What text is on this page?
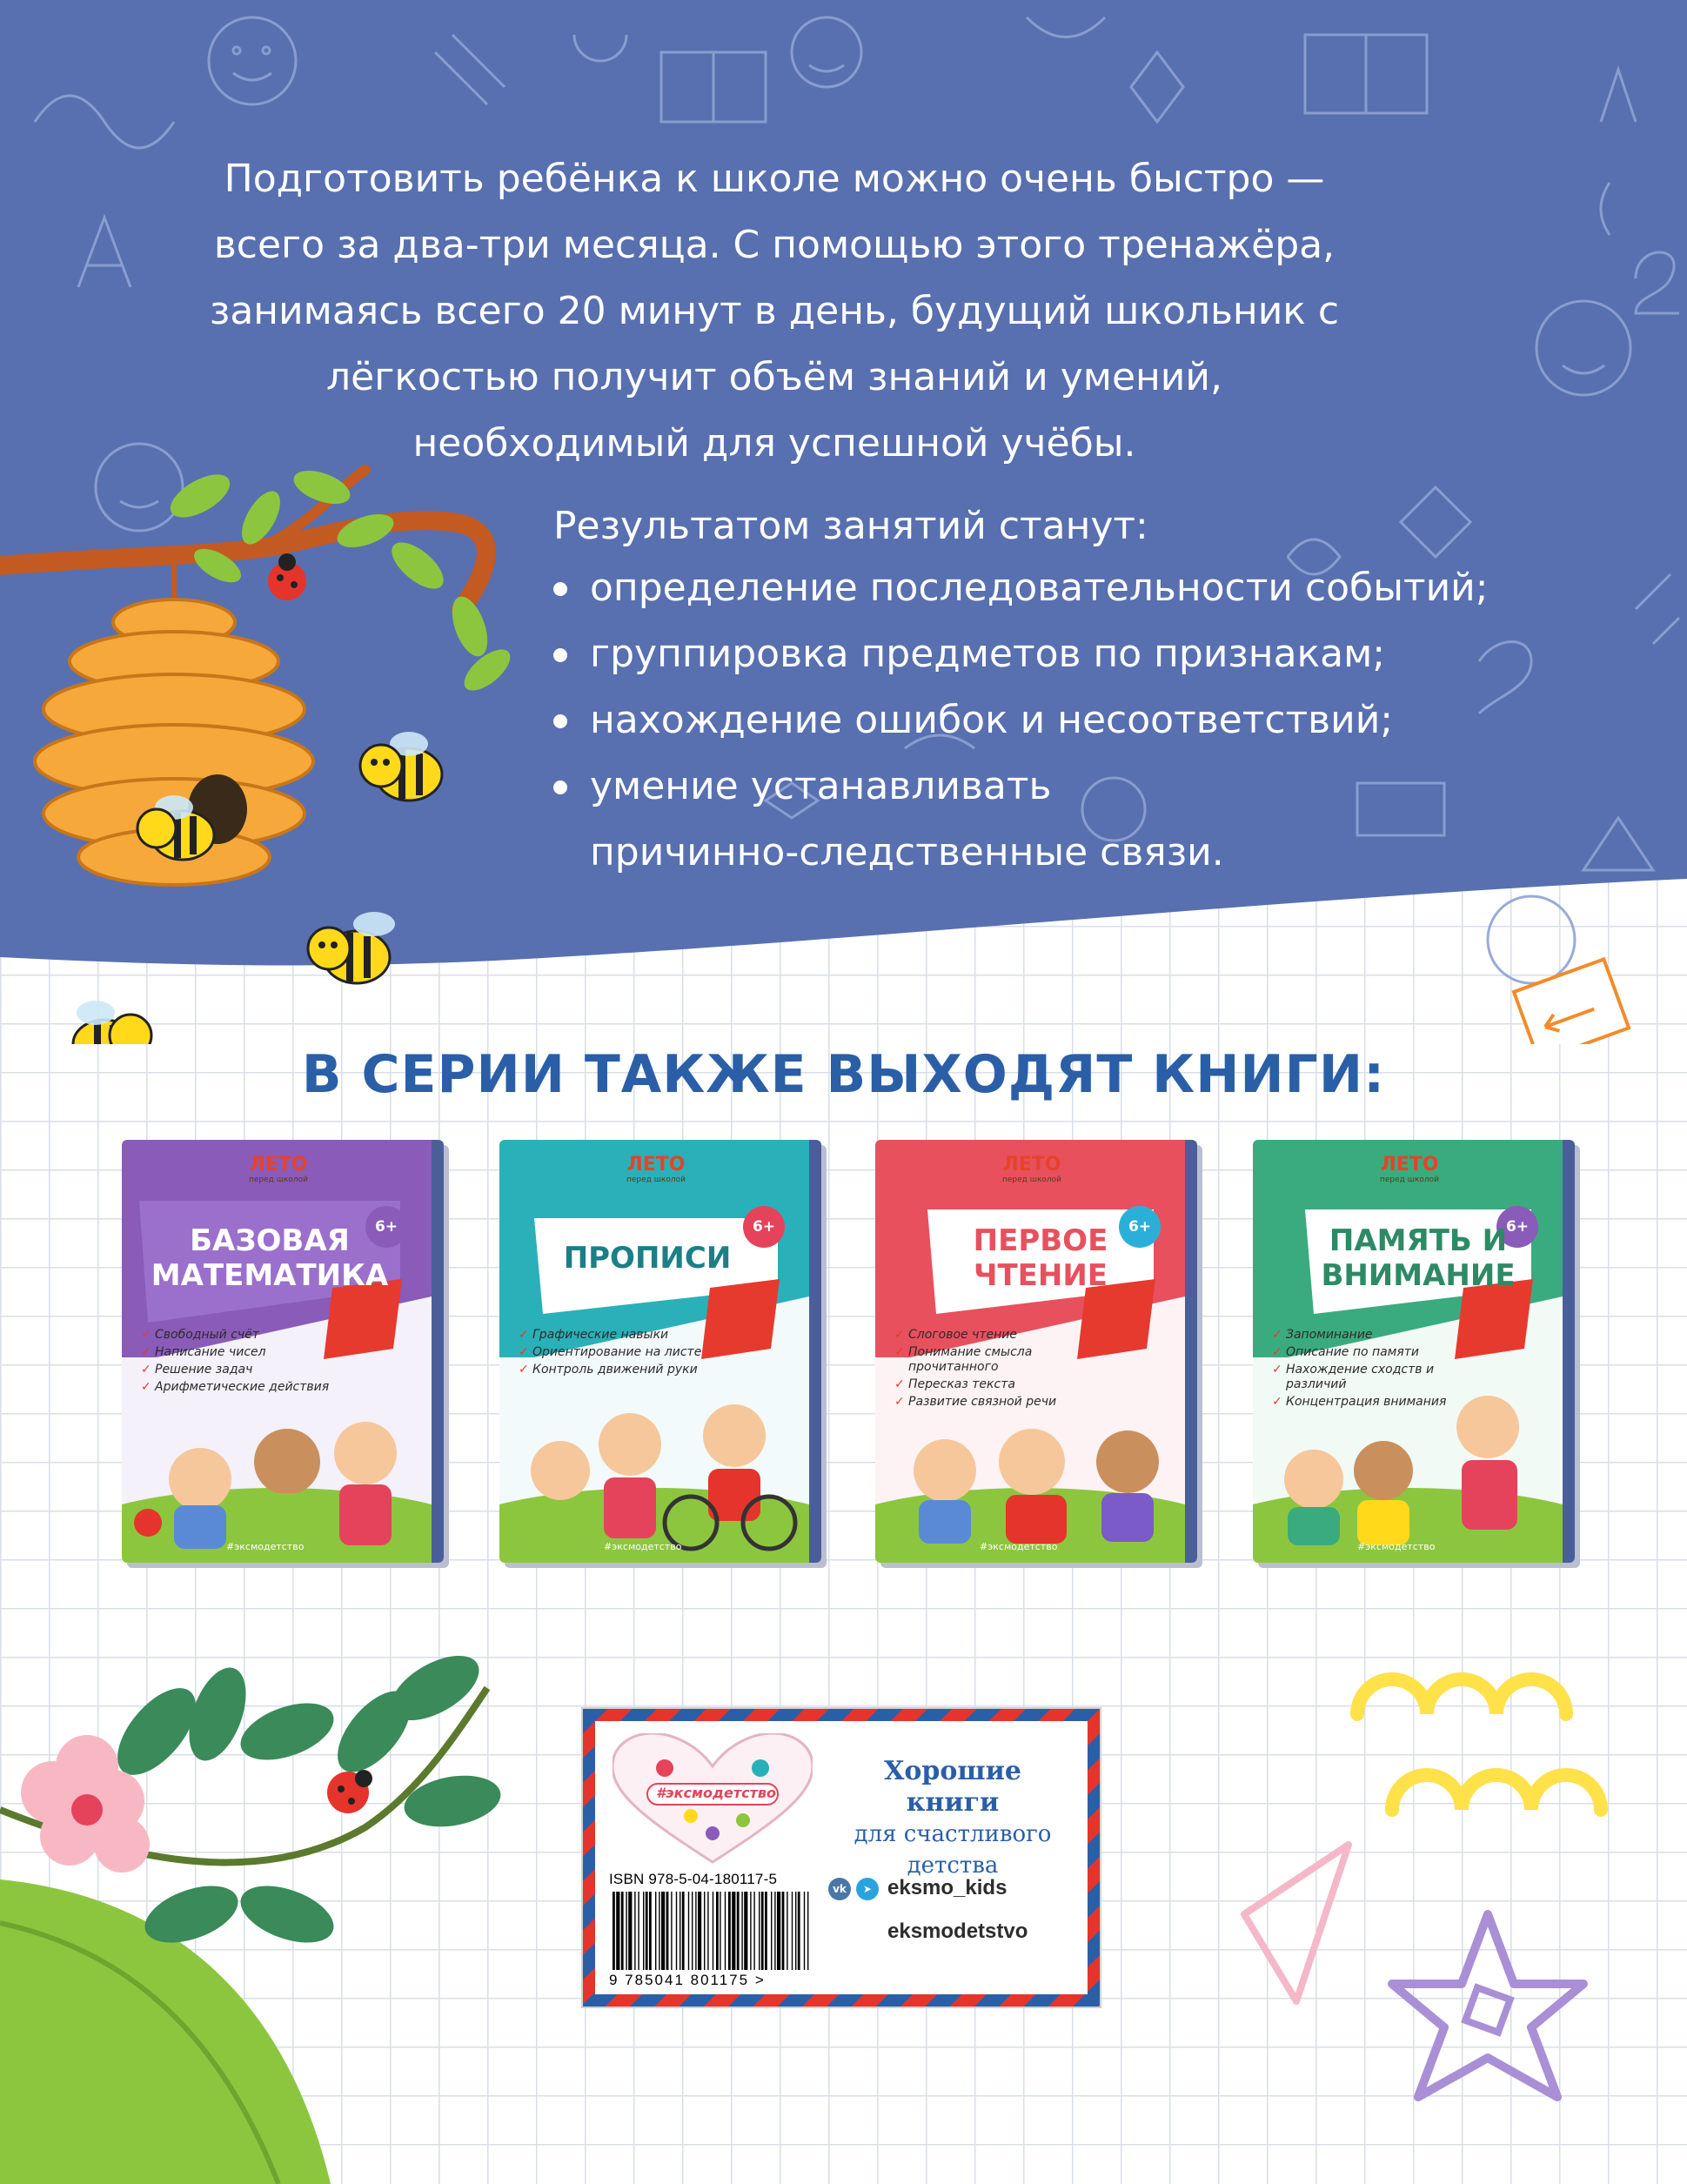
Подготовить ребёнка к школе можно очень быстро — всего за два-три месяца. С помощью этого тренажёра, занимаясь всего 20 минут в день, будущий школьник с лёгкостью получит объём знаний и умений, необходимый для успешной учёбы.

Результатом занятий станут:
определение последовательности событий;
группировка предметов по признакам;
нахождение ошибок и несоответствий;
умение устанавливать причинно-следственные связи.
В СЕРИИ ТАКЖЕ ВЫХОДЯТ КНИГИ:
ЛЕТО
перед школой
6+
БАЗОВАЯ МАТЕМАТИКА
✓ Свободный счёт
✓ Написание чисел
✓ Решение задач
✓ Арифметические действия
#эксмодетство
ЛЕТО
перед школой
6+
ПРОПИСИ
✓ Графические навыки
✓ Ориентирование на листе
✓ Контроль движений руки
#эксмодетство
ЛЕТО
перед школой
6+
ПЕРВОЕ ЧТЕНИЕ
✓ Слоговое чтение
✓ Понимание смысла прочитанного
✓ Пересказ текста
✓ Развитие связной речи
#эксмодетство
ЛЕТО
перед школой
6+
ПАМЯТЬ И ВНИМАНИЕ
✓ Запоминание
✓ Описание по памяти
✓ Нахождение сходств и различий
✓ Концентрация внимания
#эксмодетство
#эксмодетство
Хорошие
книги
для счастливого
детства
ISBN 978-5-04-180117-5
9 785041 801175 >
vk	➤ eksmo_kids
eksmodetstvo
